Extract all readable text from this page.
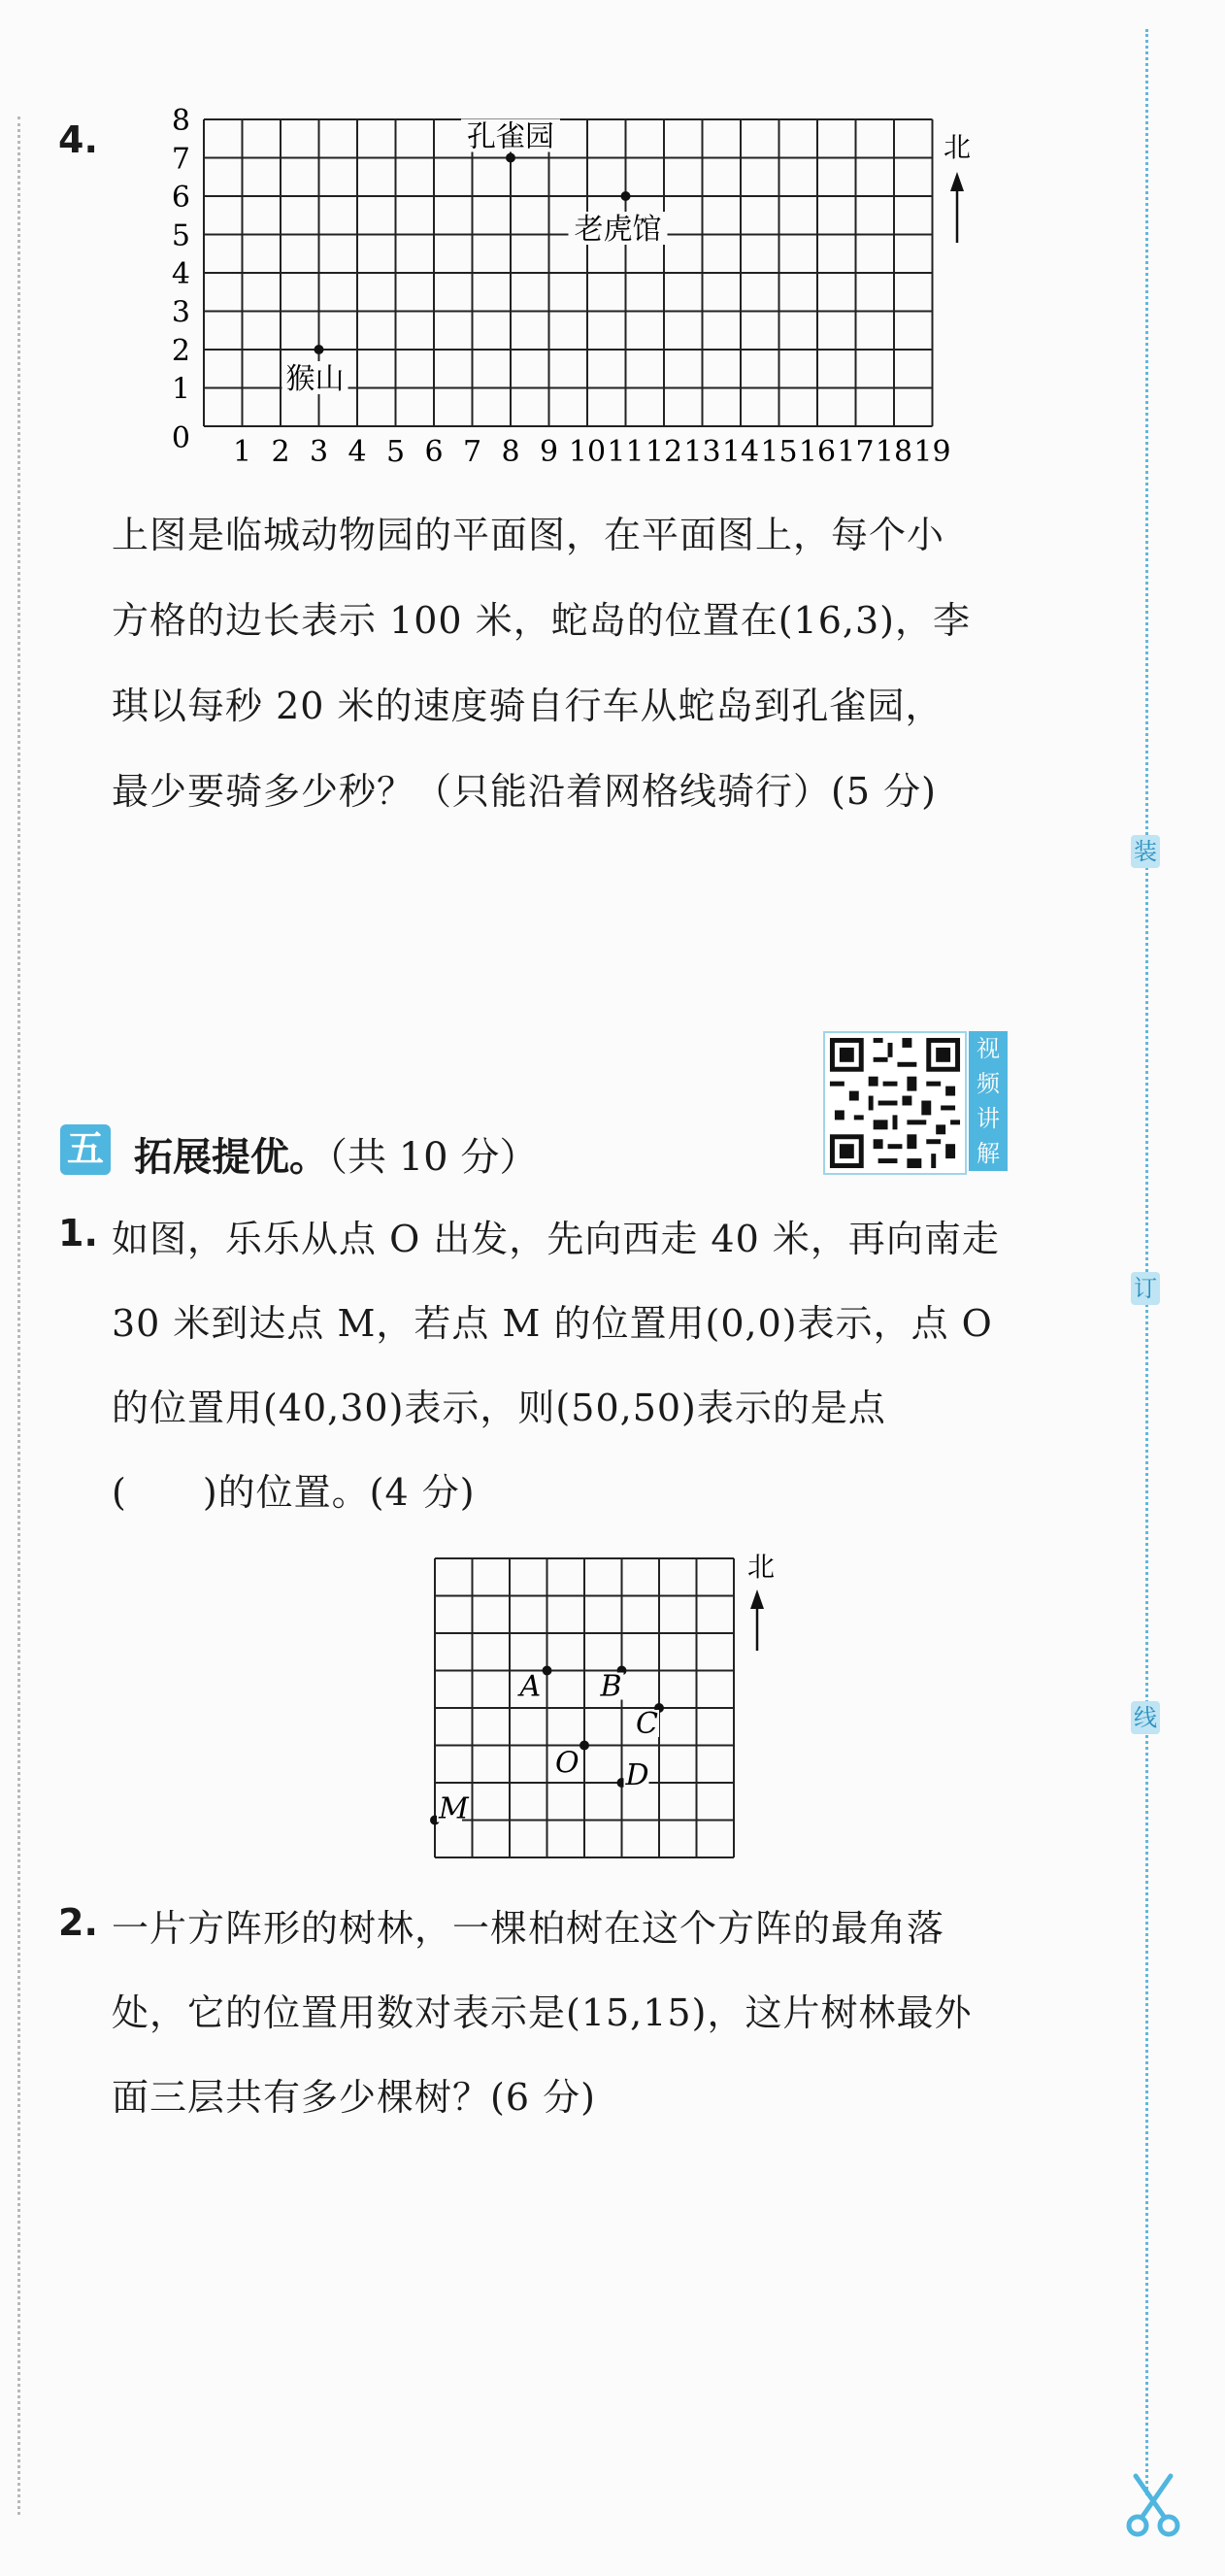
装
订
线
4.
1 2 3 4 5 6 7 8 9 10 11 12 13 14 15 16 17 18 19
0
1
2
3
4
5
6
7
8	孔雀园
老虎馆
猴山
北
上图是临城动物园的平面图，在平面图上，每个小
方格的边长表示 100 米，蛇岛的位置在(16,3)，李
琪以每秒 20 米的速度骑自行车从蛇岛到孔雀园，
最少要骑多少秒？（只能沿着网格线骑行）(5 分)
视
频
讲
解
五 拓展提优。（共 10 分）
1. 如图，乐乐从点 O 出发，先向西走 40 米，再向南走
30 米到达点 M，若点 M 的位置用(0,0)表示，点 O
的位置用(40,30)表示，则(50,50)表示的是点
(　　)的位置。(4 分)
A B
C
O D
M
北
2. 一片方阵形的树林，一棵柏树在这个方阵的最角落
处，它的位置用数对表示是(15,15)，这片树林最外
面三层共有多少棵树？(6 分)
